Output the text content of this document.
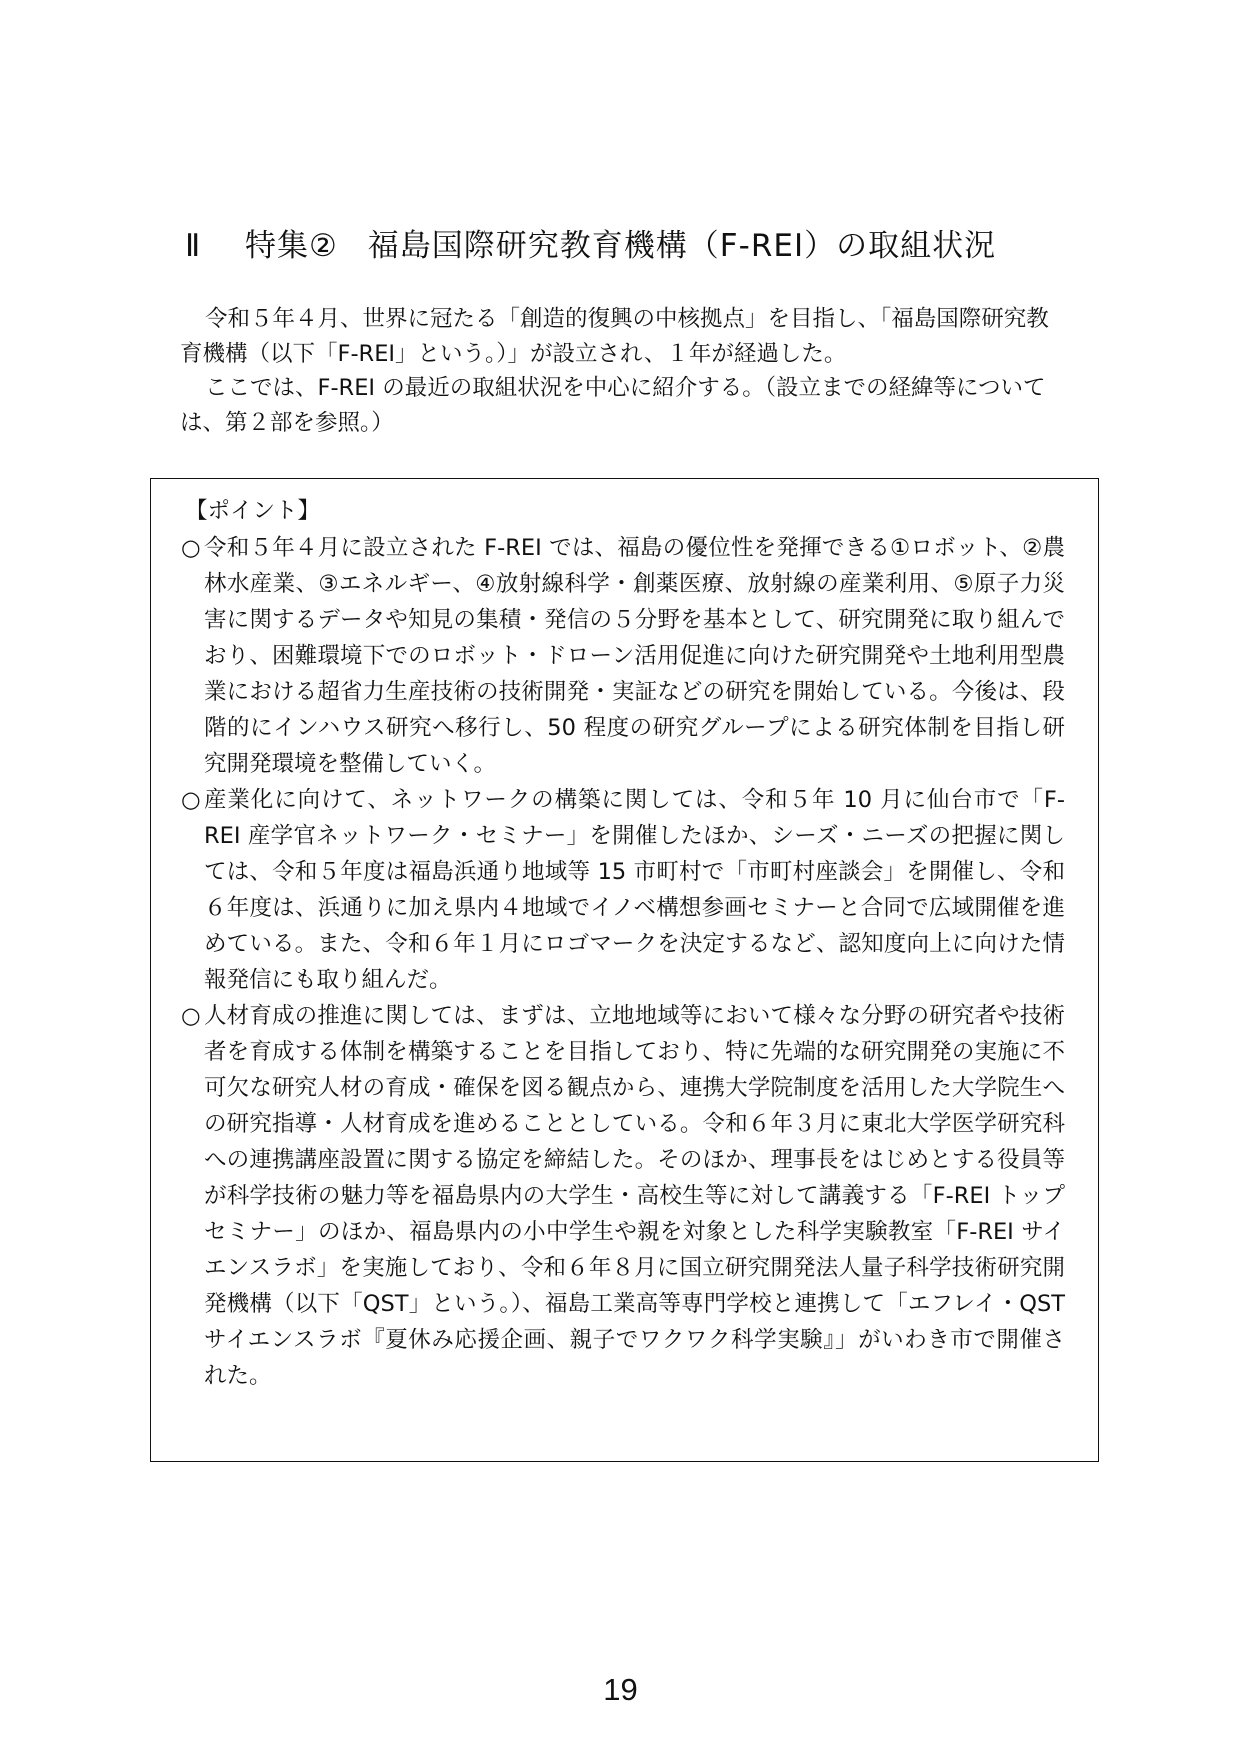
Ⅱ 特集② 福島国際研究教育機構（F-REI）の取組状況

令和５年４月、世界に冠たる「創造的復興の中核拠点」を目指し、「福島国際研究教育機構（以下「F-REI」という。）」が設立され、１年が経過した。

ここでは、F-REI の最近の取組状況を中心に紹介する。（設立までの経緯等については、第２部を参照。）

【ポイント】
○ 令和５年４月に設立された F-REI では、福島の優位性を発揮できる①ロボット、②農林水産業、③エネルギー、④放射線科学・創薬医療、放射線の産業利用、⑤原子力災害に関するデータや知見の集積・発信の５分野を基本として、研究開発に取り組んでおり、困難環境下でのロボット・ドローン活用促進に向けた研究開発や土地利用型農業における超省力生産技術の技術開発・実証などの研究を開始している。今後は、段階的にインハウス研究へ移行し、50 程度の研究グループによる研究体制を目指し研究開発環境を整備していく。
○ 産業化に向けて、ネットワークの構築に関しては、令和５年 10 月に仙台市で「F-REI 産学官ネットワーク・セミナー」を開催したほか、シーズ・ニーズの把握に関しては、令和５年度は福島浜通り地域等 15 市町村で「市町村座談会」を開催し、令和６年度は、浜通りに加え県内４地域でイノベ構想参画セミナーと合同で広域開催を進めている。また、令和６年１月にロゴマークを決定するなど、認知度向上に向けた情報発信にも取り組んだ。
○ 人材育成の推進に関しては、まずは、立地地域等において様々な分野の研究者や技術者を育成する体制を構築することを目指しており、特に先端的な研究開発の実施に不可欠な研究人材の育成・確保を図る観点から、連携大学院制度を活用した大学院生への研究指導・人材育成を進めることとしている。令和６年３月に東北大学医学研究科への連携講座設置に関する協定を締結した。そのほか、理事長をはじめとする役員等が科学技術の魅力等を福島県内の大学生・高校生等に対して講義する「F-REI トップセミナー」のほか、福島県内の小中学生や親を対象とした科学実験教室「F-REI サイエンスラボ」を実施しており、令和６年８月に国立研究開発法人量子科学技術研究開発機構（以下「QST」という。）、福島工業高等専門学校と連携して「エフレイ・QST サイエンスラボ『夏休み応援企画、親子でワクワク科学実験』」がいわき市で開催された。
19
